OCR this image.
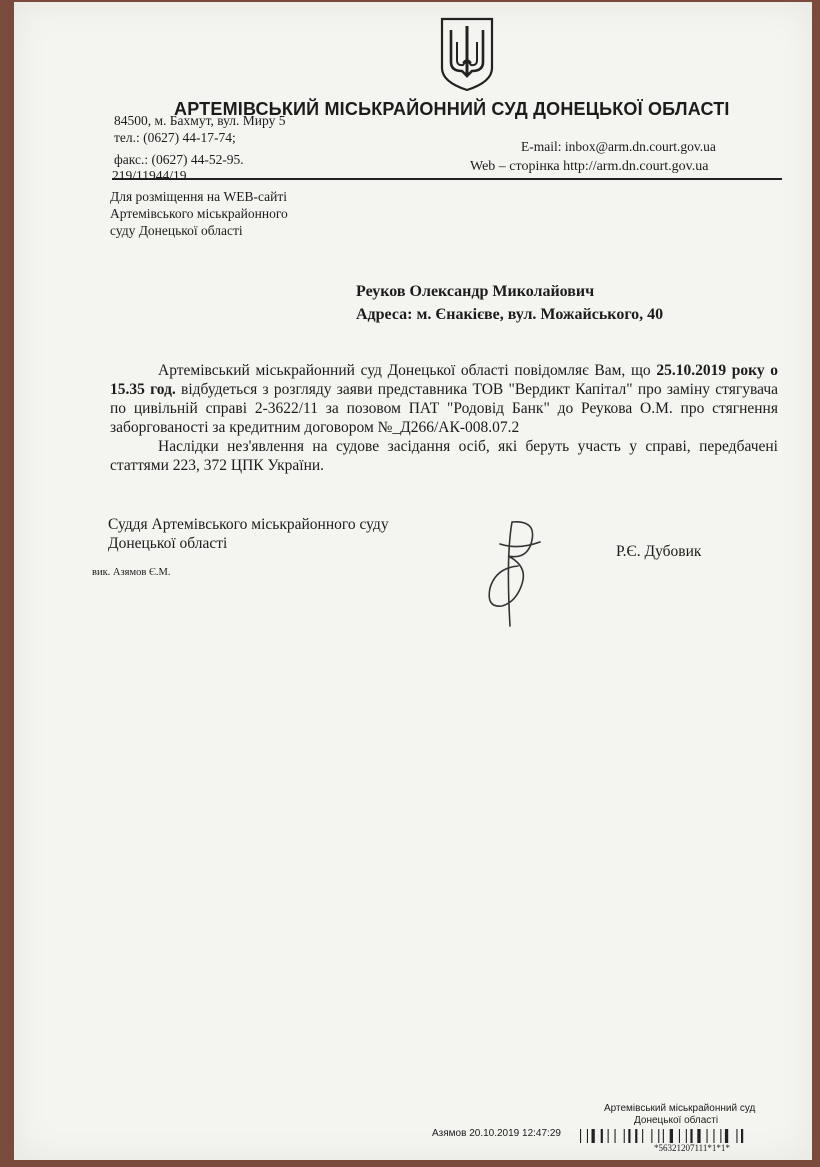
АРТЕМІВСЬКИЙ МІСЬКРАЙОННИЙ СУД ДОНЕЦЬКОЇ ОБЛАСТІ
84500, м. Бахмут, вул. Миру 5
тел.: (0627) 44-17-74;
E-mail: inbox@arm.dn.court.gov.ua
факс.: (0627) 44-52-95.	Web – сторінка http://arm.dn.court.gov.ua
219/11944/19
Для розміщення на WEB-сайті
Артемівського міськрайонного
суду Донецької області
Реуков Олександр Миколайович
Адреса: м. Єнакієве, вул. Можайського, 40

Артемівський міськрайонний суд Донецької області повідомляє Вам, що 25.10.2019 року о 15.35 год. відбудеться з розгляду заяви представника ТОВ "Вердикт Капітал" про заміну стягувача по цивільній справі 2-3622/11 за позовом ПАТ "Родовід Банк" до Реукова О.М. про стягнення заборгованості за кредитним договором №_Д266/АК-008.07.2

Наслідки нез'явлення на судове засідання осіб, які беруть участь у справі, передбачені статтями 223, 372 ЦПК України.

Суддя Артемівського міськрайонного суду
Донецької області
вик. Азямов Є.М.
Р.Є. Дубовик
Артемівський міськрайонний суд
Донецької області
Азямов 20.10.2019 12:47:29
*56321207111*1*1*
